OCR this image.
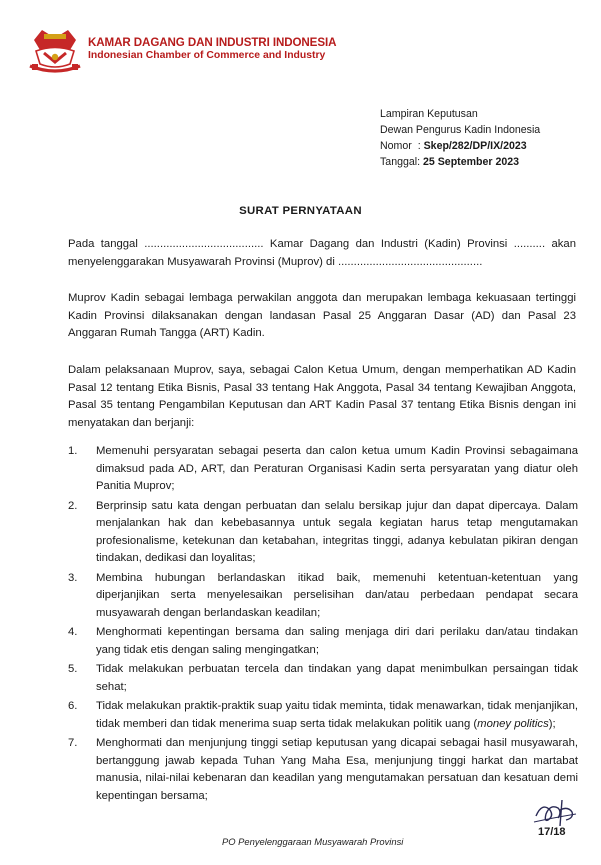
KAMAR DAGANG DAN INDUSTRI INDONESIA
Indonesian Chamber of Commerce and Industry
Lampiran Keputusan
Dewan Pengurus Kadin Indonesia
Nomor : Skep/282/DP/IX/2023
Tanggal: 25 September 2023
SURAT PERNYATAAN

Pada tanggal ...................................... Kamar Dagang dan Industri (Kadin) Provinsi .......... akan menyelenggarakan Musyawarah Provinsi (Muprov) di ..............................................

Muprov Kadin sebagai lembaga perwakilan anggota dan merupakan lembaga kekuasaan tertinggi Kadin Provinsi dilaksanakan dengan landasan Pasal 25 Anggaran Dasar (AD) dan Pasal 23 Anggaran Rumah Tangga (ART) Kadin.

Dalam pelaksanaan Muprov, saya, sebagai Calon Ketua Umum, dengan memperhatikan AD Kadin Pasal 12 tentang Etika Bisnis, Pasal 33 tentang Hak Anggota, Pasal 34 tentang Kewajiban Anggota, Pasal 35 tentang Pengambilan Keputusan dan ART Kadin Pasal 37 tentang Etika Bisnis dengan ini menyatakan dan berjanji:

1. Memenuhi persyaratan sebagai peserta dan calon ketua umum Kadin Provinsi sebagaimana dimaksud pada AD, ART, dan Peraturan Organisasi Kadin serta persyaratan yang diatur oleh Panitia Muprov;
2. Berprinsip satu kata dengan perbuatan dan selalu bersikap jujur dan dapat dipercaya. Dalam menjalankan hak dan kebebasannya untuk segala kegiatan harus tetap mengutamakan profesionalisme, ketekunan dan ketabahan, integritas tinggi, adanya kebulatan pikiran dengan tindakan, dedikasi dan loyalitas;
3. Membina hubungan berlandaskan itikad baik, memenuhi ketentuan-ketentuan yang diperjanjikan serta menyelesaikan perselisihan dan/atau perbedaan pendapat secara musyawarah dengan berlandaskan keadilan;
4. Menghormati kepentingan bersama dan saling menjaga diri dari perilaku dan/atau tindakan yang tidak etis dengan saling mengingatkan;
5. Tidak melakukan perbuatan tercela dan tindakan yang dapat menimbulkan persaingan tidak sehat;
6. Tidak melakukan praktik-praktik suap yaitu tidak meminta, tidak menawarkan, tidak menjanjikan, tidak memberi dan tidak menerima suap serta tidak melakukan politik uang (money politics);
7. Menghormati dan menjunjung tinggi setiap keputusan yang dicapai sebagai hasil musyawarah, bertanggung jawab kepada Tuhan Yang Maha Esa, menjunjung tinggi harkat dan martabat manusia, nilai-nilai kebenaran dan keadilan yang mengutamakan persatuan dan kesatuan demi kepentingan bersama;
PO Penyelenggaraan Musyawarah Provinsi
17/18
